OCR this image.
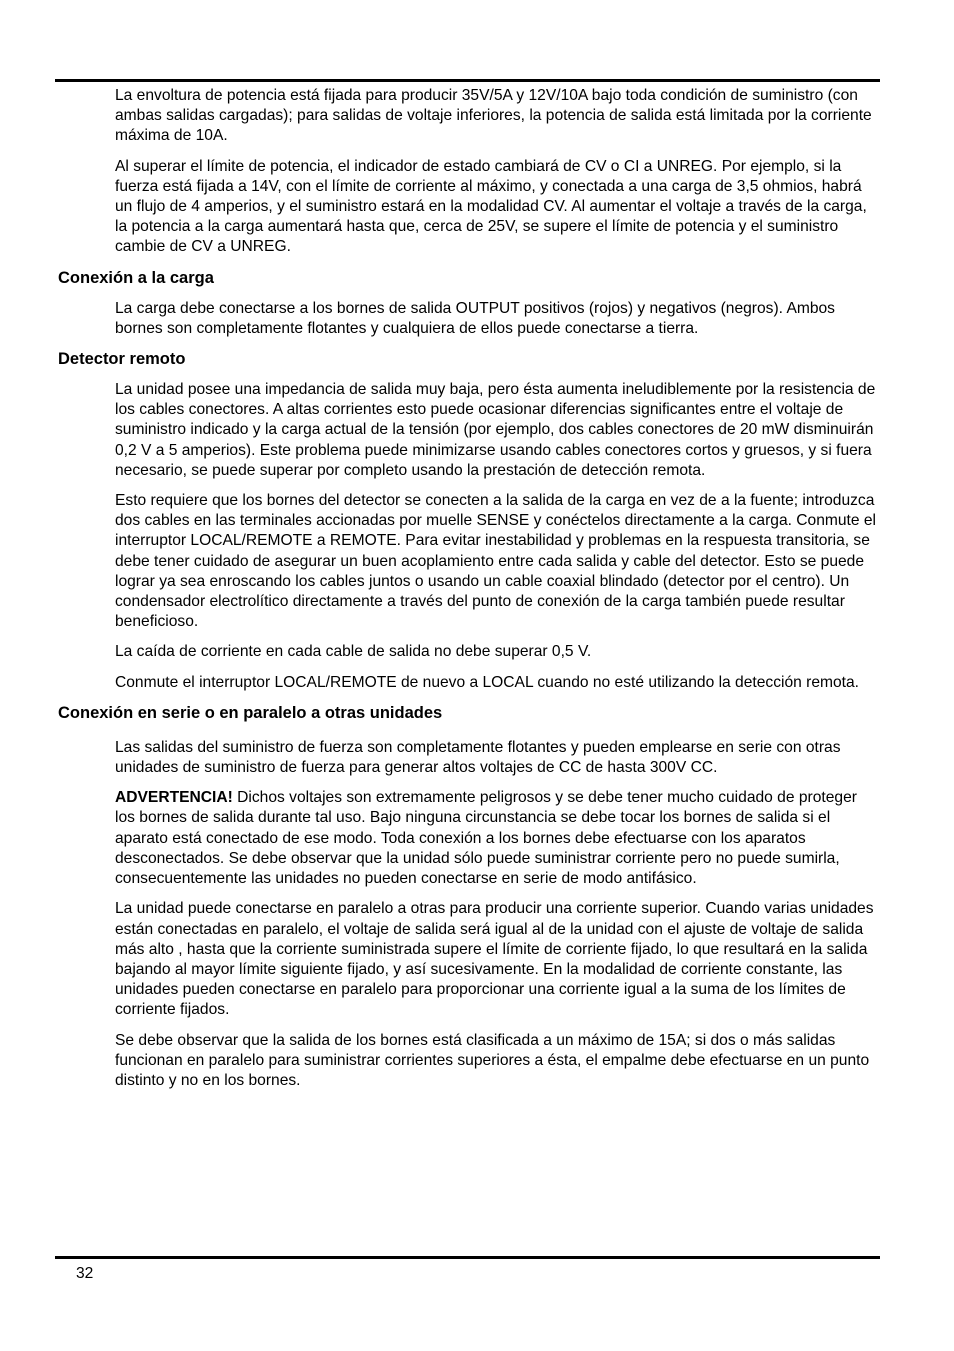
La envoltura de potencia está fijada para producir 35V/5A y 12V/10A bajo toda condición de suministro (con ambas salidas cargadas); para salidas de voltaje inferiores, la potencia de salida está limitada por la corriente máxima de 10A.

Al superar el límite de potencia, el indicador de estado cambiará de CV o CI a UNREG. Por ejemplo, si la fuerza está fijada a 14V, con el límite de corriente al máximo, y conectada a una carga de 3,5 ohmios, habrá un flujo de 4 amperios, y el suministro estará en la modalidad CV. Al aumentar el voltaje a través de la carga, la potencia a la carga aumentará hasta que, cerca de 25V, se supere el límite de potencia y el suministro cambie de CV a UNREG.

Conexión a la carga

La carga debe conectarse a los bornes de salida OUTPUT positivos (rojos) y negativos (negros). Ambos bornes son completamente flotantes y cualquiera de ellos puede conectarse a tierra.

Detector remoto

La unidad posee una impedancia de salida muy baja, pero ésta aumenta ineludiblemente por la resistencia de los cables conectores. A altas corrientes esto puede ocasionar diferencias significantes entre el voltaje de suministro indicado y la carga actual de la tensión (por ejemplo, dos cables conectores de 20 mW disminuirán 0,2 V a 5 amperios). Este problema puede minimizarse usando cables conectores cortos y gruesos, y si fuera necesario, se puede superar por completo usando la prestación de detección remota.

Esto requiere que los bornes del detector se conecten a la salida de la carga en vez de a la fuente; introduzca dos cables en las terminales accionadas por muelle SENSE y conéctelos directamente a la carga. Conmute el interruptor LOCAL/REMOTE a REMOTE. Para evitar inestabilidad y problemas en la respuesta transitoria, se debe tener cuidado de asegurar un buen acoplamiento entre cada salida y cable del detector. Esto se puede lograr ya sea enroscando los cables juntos o usando un cable coaxial blindado (detector por el centro). Un condensador electrolítico directamente a través del punto de conexión de la carga también puede resultar beneficioso.

La caída de corriente en cada cable de salida no debe superar 0,5 V.

Conmute el interruptor LOCAL/REMOTE de nuevo a LOCAL cuando no esté utilizando la detección remota.

Conexión en serie o en paralelo a otras unidades

Las salidas del suministro de fuerza son completamente flotantes y pueden emplearse en serie con otras unidades de suministro de fuerza para generar altos voltajes de CC de hasta 300V CC.

ADVERTENCIA! Dichos voltajes son extremamente peligrosos y se debe tener mucho cuidado de proteger los bornes de salida durante tal uso. Bajo ninguna circunstancia se debe tocar los bornes de salida si el aparato está conectado de ese modo. Toda conexión a los bornes debe efectuarse con los aparatos desconectados. Se debe observar que la unidad sólo puede suministrar corriente pero no puede sumirla, consecuentemente las unidades no pueden conectarse en serie de modo antifásico.

La unidad puede conectarse en paralelo a otras para producir una corriente superior. Cuando varias unidades están conectadas en paralelo, el voltaje de salida será igual al de la unidad con el ajuste de voltaje de salida más alto , hasta que la corriente suministrada supere el límite de corriente fijado, lo que resultará en la salida bajando al mayor límite siguiente fijado, y así sucesivamente. En la modalidad de corriente constante, las unidades pueden conectarse en paralelo para proporcionar una corriente igual a la suma de los límites de corriente fijados.

Se debe observar que la salida de los bornes está clasificada a un máximo de 15A; si dos o más salidas funcionan en paralelo para suministrar corrientes superiores a ésta, el empalme debe efectuarse en un punto distinto y no en los bornes.

32
